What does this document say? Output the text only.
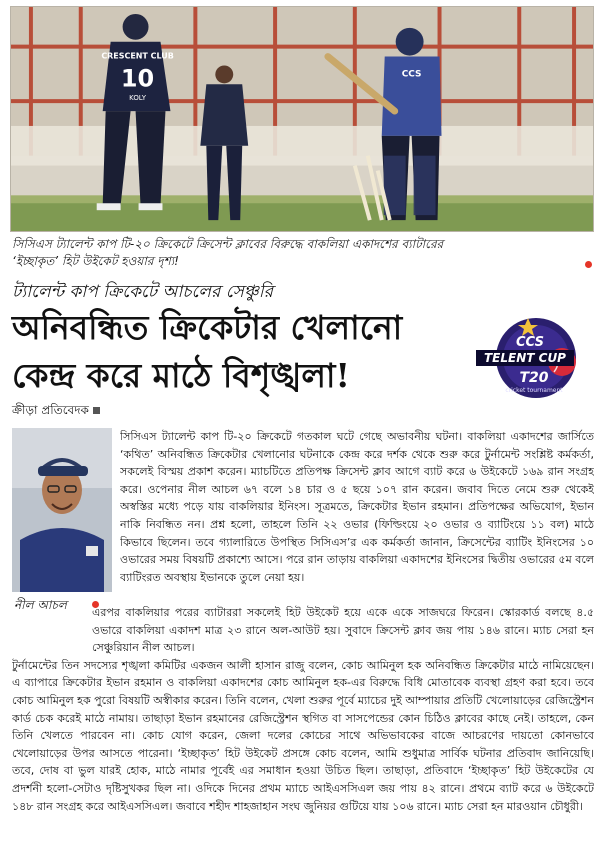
CRESCENT CLUB
10
KOLY
CCS
সিসিএস ট্যালেন্ট কাপ টি-২০ ক্রিকেটে ক্রিসেন্ট ক্লাবের বিরুদ্ধে বাকলিয়া একাদশের ব্যাটারের
‘ইচ্ছাকৃত’ হিট উইকেট হওয়ার দৃশ্য!
ট্যালেন্ট কাপ ক্রিকেটে আচলের সেঞ্চুরি
অনিবন্ধিত ক্রিকেটার খেলানো
কেন্দ্র করে মাঠে বিশৃঙ্খলা!
CCS
TELENT CUP
T20
cricket tournament
ক্রীড়া প্রতিবেদক
নীল আচল

সিসিএস ট্যালেন্ট কাপ টি-২০ ক্রিকেটে গতকাল ঘটে গেছে অভাবনীয় ঘটনা। বাকলিয়া একাদশের জার্সিতে ‘কথিত’ অনিবন্ধিত ক্রিকেটার খেলানোর ঘটনাকে কেন্দ্র করে দর্শক থেকে শুরু করে টুর্নামেন্ট সংশ্লিষ্ট কর্মকর্তা, সকলেই বিস্ময় প্রকাশ করেন। ম্যাচটিতে প্রতিপক্ষ ক্রিসেন্ট ক্লাব আগে ব্যাট করে ৬ উইকেটে ১৬৯ রান সংগ্রহ করে। ওপেনার নীল আচল ৬৭ বলে ১৪ চার ও ৫ ছয়ে ১০৭ রান করেন। জবাব দিতে নেমে শুরু থেকেই অস্বস্তির মধ্যে পড়ে যায় বাকলিয়ার ইনিংস। সূত্রমতে, ক্রিকেটার ইভান রহমান। প্রতিপক্ষের অভিযোগ, ইভান নাকি নিবন্ধিত নন। প্রশ্ন হলো, তাহলে তিনি ২২ ওভার (ফিল্ডিংয়ে ২০ ওভার ও ব্যাটিংয়ে ১১ বল) মাঠে কিভাবে ছিলেন। তবে গ্যালারিতে উপস্থিত সিসিএস’র এক কর্মকর্তা জানান, ক্রিসেন্টের ব্যাটিং ইনিংসের ১০ ওভারের সময় বিষয়টি প্রকাশ্যে আসে। পরে রান তাড়ায় বাকলিয়া একাদশের ইনিংসের দ্বিতীয় ওভারের ৫ম বলে ব্যাটিংরত অবস্থায় ইভানকে তুলে নেয়া হয়।

এরপর বাকলিয়ার পরের ব্যাটাররা সকলেই হিট উইকেট হয়ে একে একে সাজঘরে ফিরেন। স্কোরকার্ড বলছে ৪.৫ ওভারে বাকলিয়া একাদশ মাত্র ২৩ রানে অল-আউট হয়। সুবাদে ক্রিসেন্ট ক্লাব জয় পায় ১৪৬ রানে। ম্যাচ সেরা হন সেঞ্চুরিয়ান নীল আচল।

টুর্নামেন্টের তিন সদস্যের শৃঙ্খলা কমিটির একজন আলী হাসান রাজু বলেন, কোচ আমিনুল হক অনিবন্ধিত ক্রিকেটার মাঠে নামিয়েছেন। এ ব্যাপারে ক্রিকেটার ইভান রহমান ও বাকলিয়া একাদশের কোচ আমিনুল হক-এর বিরুদ্ধে বিধি মোতাবেক ব্যবস্থা গ্রহণ করা হবে। তবে কোচ আমিনুল হক পুরো বিষয়টি অস্বীকার করেন। তিনি বলেন, খেলা শুরুর পূর্বে ম্যাচের দুই আম্পায়ার প্রতিটি খেলোয়াড়ের রেজিস্ট্রেশন কার্ড চেক করেই মাঠে নামায়। তাছাড়া ইভান রহমানের রেজিস্ট্রেশন স্থগিত বা সাসপেন্ডের কোন চিঠিও ক্লাবের কাছে নেই। তাহলে, কেন তিনি খেলতে পারবেন না। কোচ যোগ করেন, জেলা দলের কোচের সাথে অভিভাবকের বাজে আচরণের দায়তো কোনভাবে খেলোয়াড়ের উপর আসতে পারেনা। ‘ইচ্ছাকৃত’ হিট উইকেট প্রসঙ্গে কোচ বলেন, আমি শুধুমাত্র সার্বিক ঘটনার প্রতিবাদ জানিয়েছি। তবে, দোষ বা ভুল যারই হোক, মাঠে নামার পূর্বেই এর সমাধান হওয়া উচিত ছিল। তাছাড়া, প্রতিবাদে ‘ইচ্ছাকৃত’ হিট উইকেটের যে প্রদর্শনী হলো-সেটাও দৃষ্টিসুখকর ছিল না। ওদিকে দিনের প্রথম ম্যাচে আইএসসিএল জয় পায় ৪২ রানে। প্রথমে ব্যাট করে ৬ উইকেটে ১৪৮ রান সংগ্রহ করে আইএসসিএল। জবাবে শহীদ শাহজাহান সংঘ জুনিয়র গুটিয়ে যায় ১০৬ রানে। ম্যাচ সেরা হন মারওয়ান চৌধুরী।
